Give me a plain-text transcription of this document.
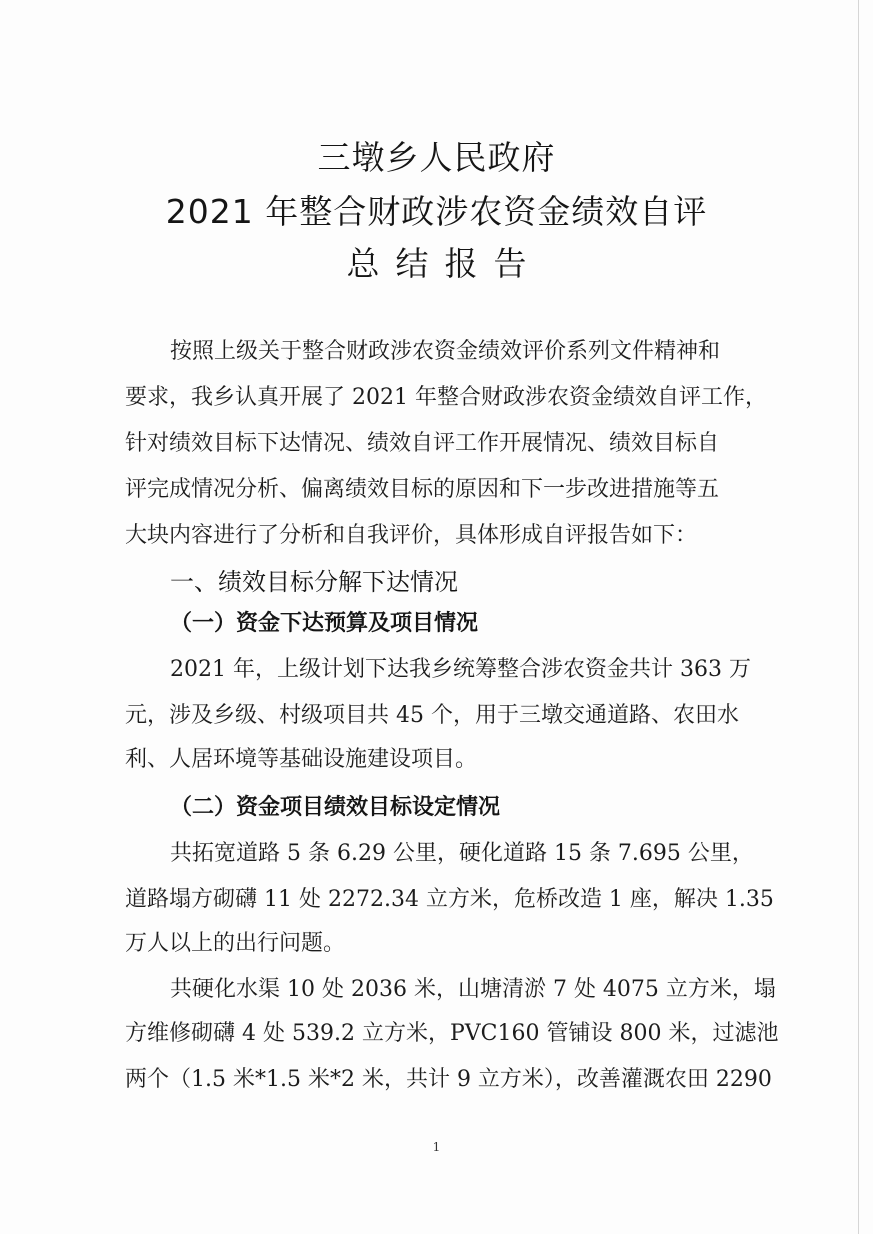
三墩乡人民政府
2021 年整合财政涉农资金绩效自评
总结报告
按照上级关于整合财政涉农资金绩效评价系列文件精神和
要求，我乡认真开展了 2021 年整合财政涉农资金绩效自评工作，
针对绩效目标下达情况、绩效自评工作开展情况、绩效目标自
评完成情况分析、偏离绩效目标的原因和下一步改进措施等五
大块内容进行了分析和自我评价，具体形成自评报告如下：
一、绩效目标分解下达情况
（一）资金下达预算及项目情况
2021 年，上级计划下达我乡统筹整合涉农资金共计 363 万
元，涉及乡级、村级项目共 45 个，用于三墩交通道路、农田水
利、人居环境等基础设施建设项目。
（二）资金项目绩效目标设定情况
共拓宽道路 5 条 6.29 公里，硬化道路 15 条 7.695 公里，
道路塌方砌礴 11 处 2272.34 立方米，危桥改造 1 座，解决 1.35
万人以上的出行问题。
共硬化水渠 10 处 2036 米，山塘清淤 7 处 4075 立方米，塌
方维修砌礴 4 处 539.2 立方米，PVC160 管铺设 800 米，过滤池
两个（1.5 米*1.5 米*2 米，共计 9 立方米），改善灌溉农田 2290
1
